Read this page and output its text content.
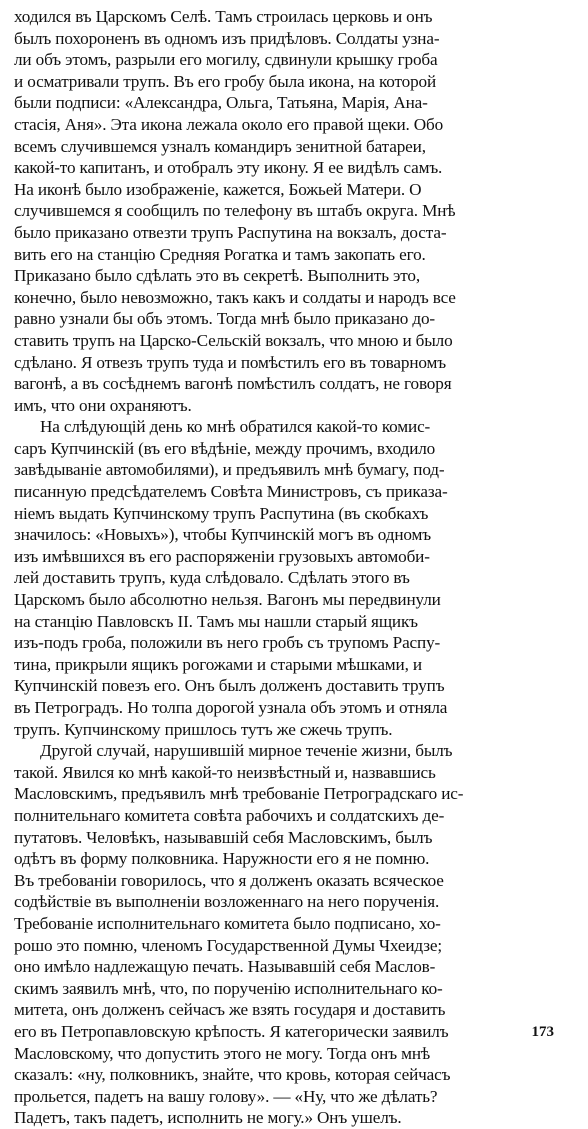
ходился въ Царскомъ Селѣ. Тамъ строилась церковь и онъ
былъ похороненъ въ одномъ изъ придѣловъ. Солдаты узна-
ли объ этомъ, разрыли его могилу, сдвинули крышку гроба
и осматривали трупъ. Въ его гробу была икона, на которой
были подписи: «Александра, Ольга, Татьяна, Марія, Ана-
стасія, Аня». Эта икона лежала около его правой щеки. Обо
всемъ случившемся узналъ командиръ зенитной батареи,
какой-то капитанъ, и отобралъ эту икону. Я ее видѣлъ самъ.
На иконѣ было изображеніе, кажется, Божьей Матери. О
случившемся я сообщилъ по телефону въ штабъ округа. Мнѣ
было приказано отвезти трупъ Распутина на вокзалъ, доста-
вить его на станцію Средняя Рогатка и тамъ закопать его.
Приказано было сдѣлать это въ секретѣ. Выполнить это,
конечно, было невозможно, такъ какъ и солдаты и народъ все
равно узнали бы объ этомъ. Тогда мнѣ было приказано до-
ставить трупъ на Царско-Сельскій вокзалъ, что мною и было
сдѣлано. Я отвезъ трупъ туда и помѣстилъ его въ товарномъ
вагонѣ, а въ сосѣднемъ вагонѣ помѣстилъ солдатъ, не говоря
имъ, что они охраняютъ.
На слѣдующій день ко мнѣ обратился какой-то комис-
саръ Купчинскій (въ его вѣдѣніе, между прочимъ, входило
завѣдываніе автомобилями), и предъявилъ мнѣ бумагу, под-
писанную предсѣдателемъ Совѣта Министровъ, съ приказа-
ніемъ выдать Купчинскому трупъ Распутина (въ скобкахъ
значилось: «Новыхъ»), чтобы Купчинскій могъ въ одномъ
изъ имѣвшихся въ его распоряженіи грузовыхъ автомоби-
лей доставить трупъ, куда слѣдовало. Сдѣлать этого въ
Царскомъ было абсолютно нельзя. Вагонъ мы передвинули
на станцію Павловскъ II. Тамъ мы нашли старый ящикъ
изъ-подъ гроба, положили въ него гробъ съ трупомъ Распу-
тина, прикрыли ящикъ рогожами и старыми мѣшками, и
Купчинскій повезъ его. Онъ былъ долженъ доставить трупъ
въ Петроградъ. Но толпа дорогой узнала объ этомъ и отняла
трупъ. Купчинскому пришлось тутъ же сжечь трупъ.
Другой случай, нарушившій мирное теченіе жизни, былъ
такой. Явился ко мнѣ какой-то неизвѣстный и, назвавшись
Масловскимъ, предъявилъ мнѣ требованіе Петроградскаго ис-
полнительнаго комитета совѣта рабочихъ и солдатскихъ де-
путатовъ. Человѣкъ, называвшій себя Масловскимъ, былъ
одѣтъ въ форму полковника. Наружности его я не помню.
Въ требованіи говорилось, что я долженъ оказать всяческое
содѣйствіе въ выполненіи возложеннаго на него порученія.
Требованіе исполнительнаго комитета было подписано, хо-
рошо это помню, членомъ Государственной Думы Чхеидзе;
оно имѣло надлежащую печать. Называвшій себя Маслов-
скимъ заявилъ мнѣ, что, по порученію исполнительнаго ко-
митета, онъ долженъ сейчасъ же взять государя и доставить
его въ Петропавловскую крѣпость. Я категорически заявилъ
Масловскому, что допустить этого не могу. Тогда онъ мнѣ
сказалъ: «ну, полковникъ, знайте, что кровь, которая сейчасъ
прольется, падетъ на вашу голову». — «Ну, что же дѣлать?
Падетъ, такъ падетъ, исполнить не могу.» Онъ ушелъ.
173
